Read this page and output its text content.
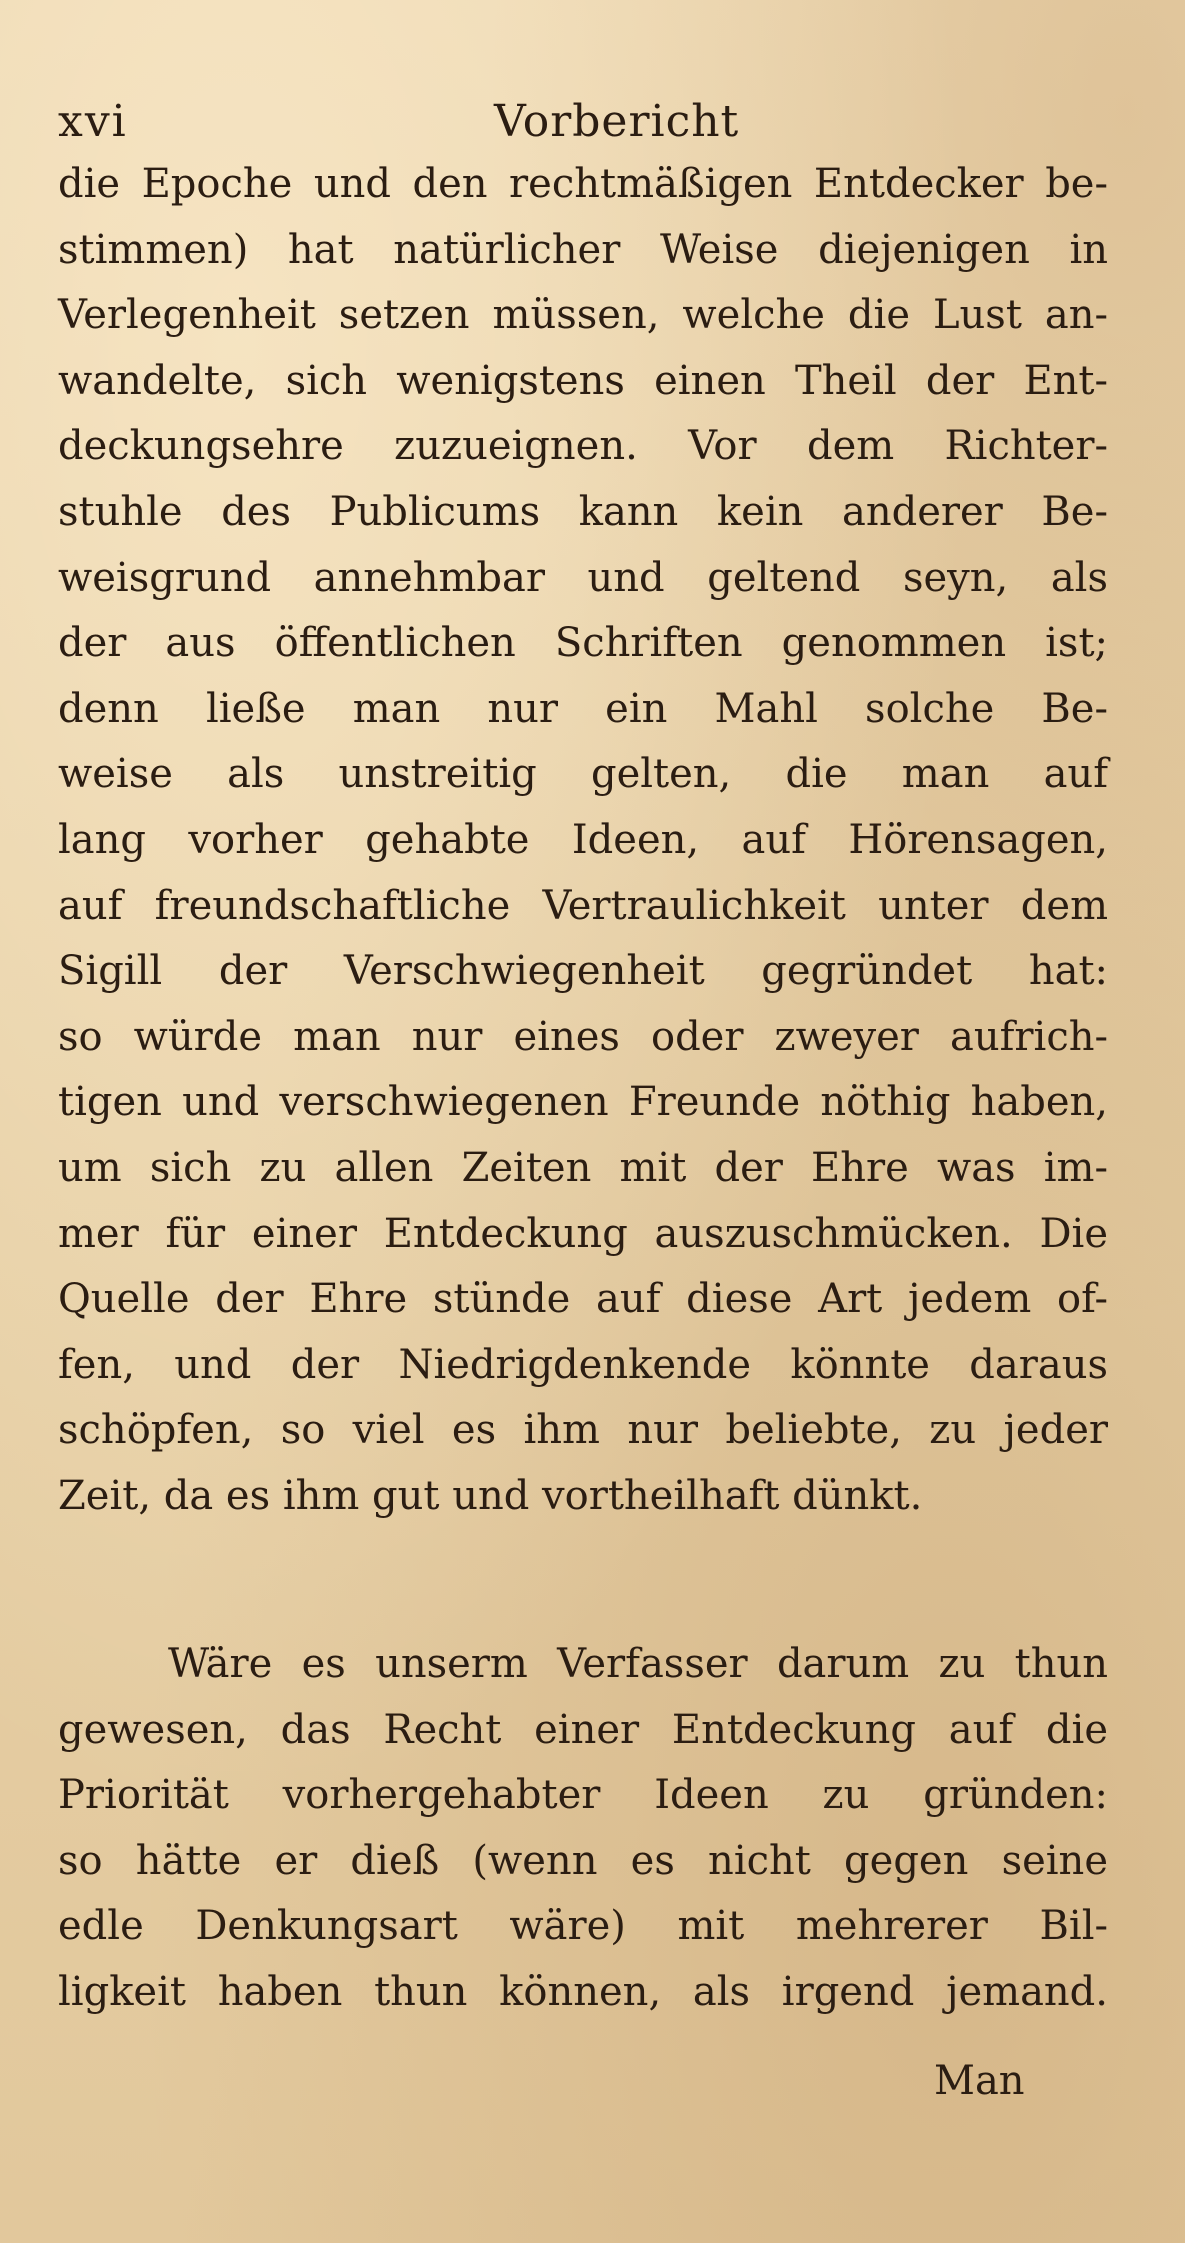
xvi	Vorbericht
die Epoche und den rechtmäßigen Entdecker be-
stimmen) hat natürlicher Weise diejenigen in
Verlegenheit setzen müssen, welche die Lust an-
wandelte, sich wenigstens einen Theil der Ent-
deckungsehre zuzueignen. Vor dem Richter-
stuhle des Publicums kann kein anderer Be-
weisgrund annehmbar und geltend seyn, als
der aus öffentlichen Schriften genommen ist;
denn ließe man nur ein Mahl solche Be-
weise als unstreitig gelten, die man auf
lang vorher gehabte Ideen, auf Hörensagen,
auf freundschaftliche Vertraulichkeit unter dem
Sigill der Verschwiegenheit gegründet hat:
so würde man nur eines oder zweyer aufrich-
tigen und verschwiegenen Freunde nöthig haben,
um sich zu allen Zeiten mit der Ehre was im-
mer für einer Entdeckung auszuschmücken. Die
Quelle der Ehre stünde auf diese Art jedem of-
fen, und der Niedrigdenkende könnte daraus
schöpfen, so viel es ihm nur beliebte, zu jeder
Zeit, da es ihm gut und vortheilhaft dünkt.
Wäre es unserm Verfasser darum zu thun
gewesen, das Recht einer Entdeckung auf die
Priorität vorhergehabter Ideen zu gründen:
so hätte er dieß (wenn es nicht gegen seine
edle Denkungsart wäre) mit mehrerer Bil-
ligkeit haben thun können, als irgend jemand.
Man
